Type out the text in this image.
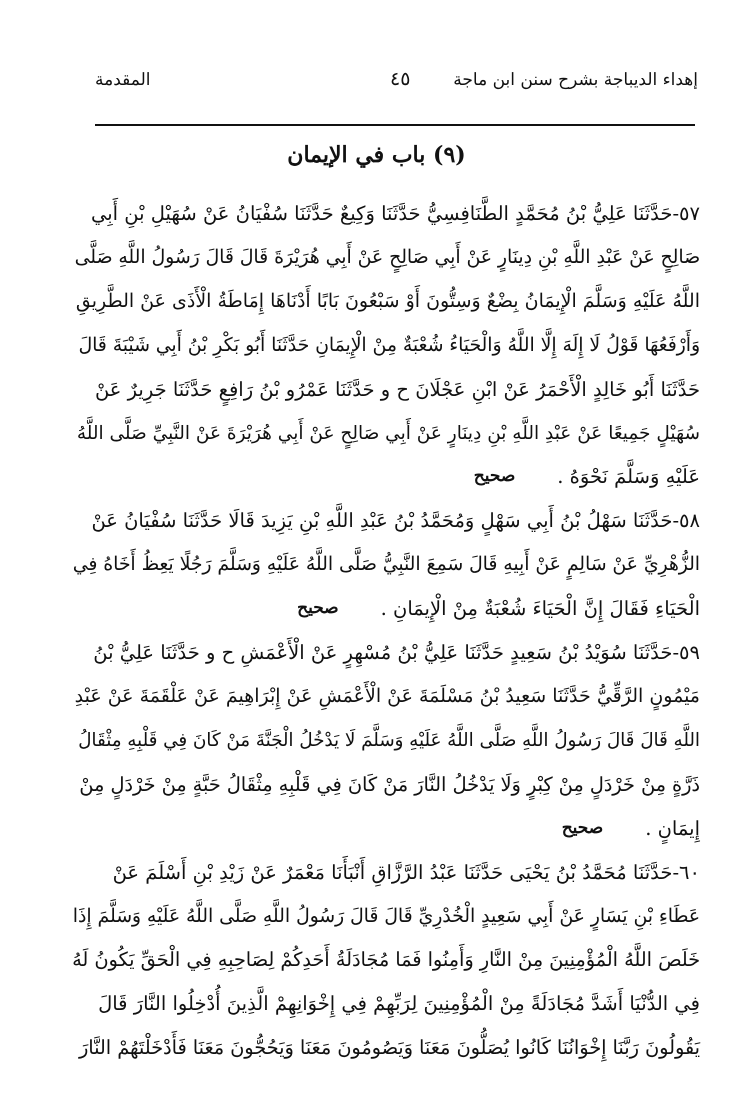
إهداء الديباجة بشرح سنن ابن ماجة
٤٥
المقدمة
(٩) باب في الإيمان
٥٧-حَدَّثَنَا عَلِيُّ بْنُ مُحَمَّدٍ الطَّنَافِسِيُّ حَدَّثَنَا وَكِيعٌ حَدَّثَنَا سُفْيَانُ عَنْ سُهَيْلِ بْنِ أَبِي
صَالِحٍ عَنْ عَبْدِ اللَّهِ بْنِ دِينَارٍ عَنْ أَبِي صَالِحٍ عَنْ أَبِي هُرَيْرَةَ قَالَ قَالَ رَسُولُ اللَّهِ صَلَّى
اللَّهُ عَلَيْهِ وَسَلَّمَ الْإِيمَانُ بِضْعٌ وَسِتُّونَ أَوْ سَبْعُونَ بَابًا أَدْنَاهَا إِمَاطَةُ الْأَذَى عَنْ الطَّرِيقِ
وَأَرْفَعُهَا قَوْلُ لَا إِلَهَ إِلَّا اللَّهُ وَالْحَيَاءُ شُعْبَةٌ مِنْ الْإِيمَانِ حَدَّثَنَا أَبُو بَكْرِ بْنُ أَبِي شَيْبَةَ قَالَ
حَدَّثَنَا أَبُو خَالِدٍ الْأَحْمَرُ عَنْ ابْنِ عَجْلَانَ ح و حَدَّثَنَا عَمْرُو بْنُ رَافِعٍ حَدَّثَنَا جَرِيرٌ عَنْ
سُهَيْلٍ جَمِيعًا عَنْ عَبْدِ اللَّهِ بْنِ دِينَارٍ عَنْ أَبِي صَالِحٍ عَنْ أَبِي هُرَيْرَةَ عَنْ النَّبِيِّ صَلَّى اللَّهُ
عَلَيْهِ وَسَلَّمَ نَحْوَهُ .صحيح
٥٨-حَدَّثَنَا سَهْلُ بْنُ أَبِي سَهْلٍ وَمُحَمَّدُ بْنُ عَبْدِ اللَّهِ بْنِ يَزِيدَ قَالَا حَدَّثَنَا سُفْيَانُ عَنْ
الزُّهْرِيِّ عَنْ سَالِمٍ عَنْ أَبِيهِ قَالَ سَمِعَ النَّبِيُّ صَلَّى اللَّهُ عَلَيْهِ وَسَلَّمَ رَجُلًا يَعِظُ أَخَاهُ فِي
الْحَيَاءِ فَقَالَ إِنَّ الْحَيَاءَ شُعْبَةٌ مِنْ الْإِيمَانِ .صحيح
٥٩-حَدَّثَنَا سُوَيْدُ بْنُ سَعِيدٍ حَدَّثَنَا عَلِيُّ بْنُ مُسْهِرٍ عَنْ الْأَعْمَشِ ح و حَدَّثَنَا عَلِيُّ بْنُ
مَيْمُونٍ الرَّقِّيُّ حَدَّثَنَا سَعِيدُ بْنُ مَسْلَمَةَ عَنْ الْأَعْمَشِ عَنْ إِبْرَاهِيمَ عَنْ عَلْقَمَةَ عَنْ عَبْدِ
اللَّهِ قَالَ قَالَ رَسُولُ اللَّهِ صَلَّى اللَّهُ عَلَيْهِ وَسَلَّمَ لَا يَدْخُلُ الْجَنَّةَ مَنْ كَانَ فِي قَلْبِهِ مِثْقَالُ
ذَرَّةٍ مِنْ خَرْدَلٍ مِنْ كِبْرٍ وَلَا يَدْخُلُ النَّارَ مَنْ كَانَ فِي قَلْبِهِ مِثْقَالُ حَبَّةٍ مِنْ خَرْدَلٍ مِنْ
إِيمَانٍ .صحيح
٦٠-حَدَّثَنَا مُحَمَّدُ بْنُ يَحْيَى حَدَّثَنَا عَبْدُ الرَّزَّاقِ أَنْبَأَنَا مَعْمَرٌ عَنْ زَيْدِ بْنِ أَسْلَمَ عَنْ
عَطَاءِ بْنِ يَسَارٍ عَنْ أَبِي سَعِيدٍ الْخُدْرِيِّ قَالَ قَالَ رَسُولُ اللَّهِ صَلَّى اللَّهُ عَلَيْهِ وَسَلَّمَ إِذَا
خَلَصَ اللَّهُ الْمُؤْمِنِينَ مِنْ النَّارِ وَأَمِنُوا فَمَا مُجَادَلَةُ أَحَدِكُمْ لِصَاحِبِهِ فِي الْحَقِّ يَكُونُ لَهُ
فِي الدُّنْيَا أَشَدَّ مُجَادَلَةً مِنْ الْمُؤْمِنِينَ لِرَبِّهِمْ فِي إِخْوَانِهِمْ الَّذِينَ أُدْخِلُوا النَّارَ قَالَ
يَقُولُونَ رَبَّنَا إِخْوَانُنَا كَانُوا يُصَلُّونَ مَعَنَا وَيَصُومُونَ مَعَنَا وَيَحُجُّونَ مَعَنَا فَأَدْخَلْتَهُمْ النَّارَ
